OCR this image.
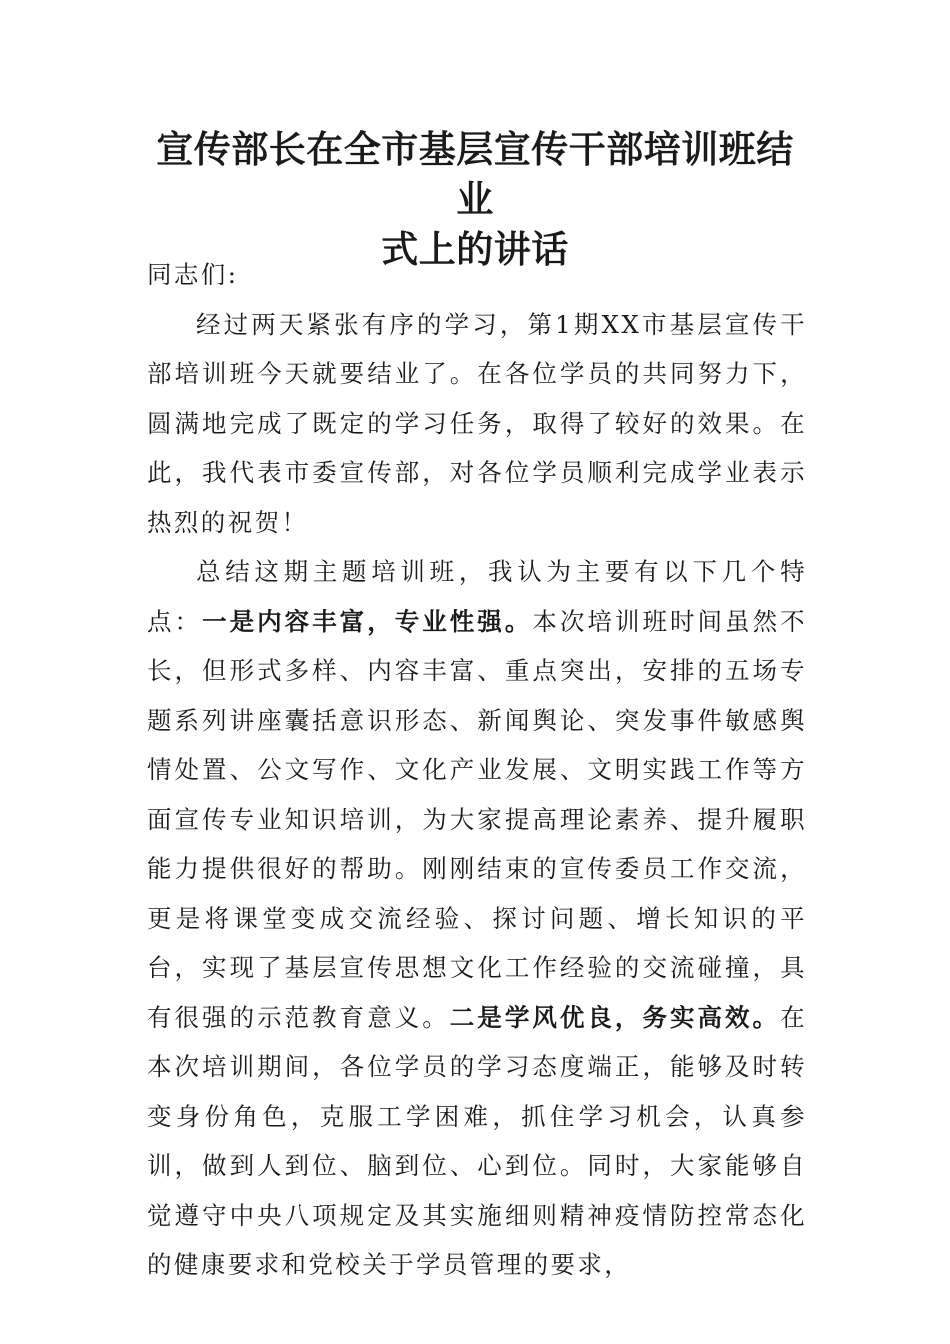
宣传部长在全市基层宣传干部培训班结业
式上的讲话

同志们:

经过两天紧张有序的学习，第1期XX市基层宣传干部培训班今天就要结业了。在各位学员的共同努力下，圆满地完成了既定的学习任务，取得了较好的效果。在此，我代表市委宣传部，对各位学员顺利完成学业表示热烈的祝贺！

总结这期主题培训班，我认为主要有以下几个特点：一是内容丰富，专业性强。本次培训班时间虽然不长，但形式多样、内容丰富、重点突出，安排的五场专题系列讲座囊括意识形态、新闻舆论、突发事件敏感舆情处置、公文写作、文化产业发展、文明实践工作等方面宣传专业知识培训，为大家提高理论素养、提升履职能力提供很好的帮助。刚刚结束的宣传委员工作交流，更是将课堂变成交流经验、探讨问题、增长知识的平台，实现了基层宣传思想文化工作经验的交流碰撞，具有很强的示范教育意义。二是学风优良，务实高效。在本次培训期间，各位学员的学习态度端正，能够及时转变身份角色，克服工学困难，抓住学习机会，认真参训，做到人到位、脑到位、心到位。同时，大家能够自觉遵守中央八项规定及其实施细则精神疫情防控常态化的健康要求和党校关于学员管理的要求，
